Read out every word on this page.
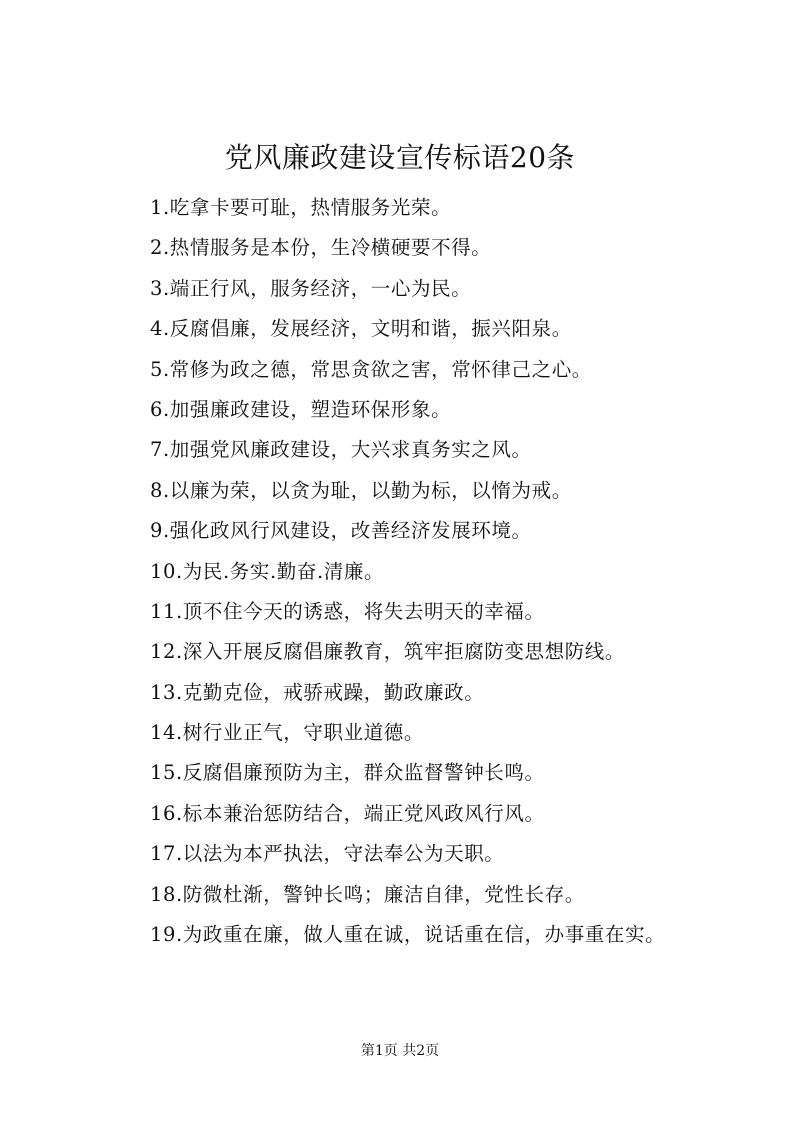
党风廉政建设宣传标语20条
1.吃拿卡要可耻，热情服务光荣。
2.热情服务是本份，生冷横硬要不得。
3.端正行风，服务经济，一心为民。
4.反腐倡廉，发展经济，文明和谐，振兴阳泉。
5.常修为政之德，常思贪欲之害，常怀律己之心。
6.加强廉政建设，塑造环保形象。
7.加强党风廉政建设，大兴求真务实之风。
8.以廉为荣，以贪为耻，以勤为标，以惰为戒。
9.强化政风行风建设，改善经济发展环境。
10.为民.务实.勤奋.清廉。
11.顶不住今天的诱惑，将失去明天的幸福。
12.深入开展反腐倡廉教育，筑牢拒腐防变思想防线。
13.克勤克俭，戒骄戒躁，勤政廉政。
14.树行业正气，守职业道德。
15.反腐倡廉预防为主，群众监督警钟长鸣。
16.标本兼治惩防结合，端正党风政风行风。
17.以法为本严执法，守法奉公为天职。
18.防微杜渐，警钟长鸣；廉洁自律，党性长存。
19.为政重在廉，做人重在诚，说话重在信，办事重在实。
第1页 共2页
